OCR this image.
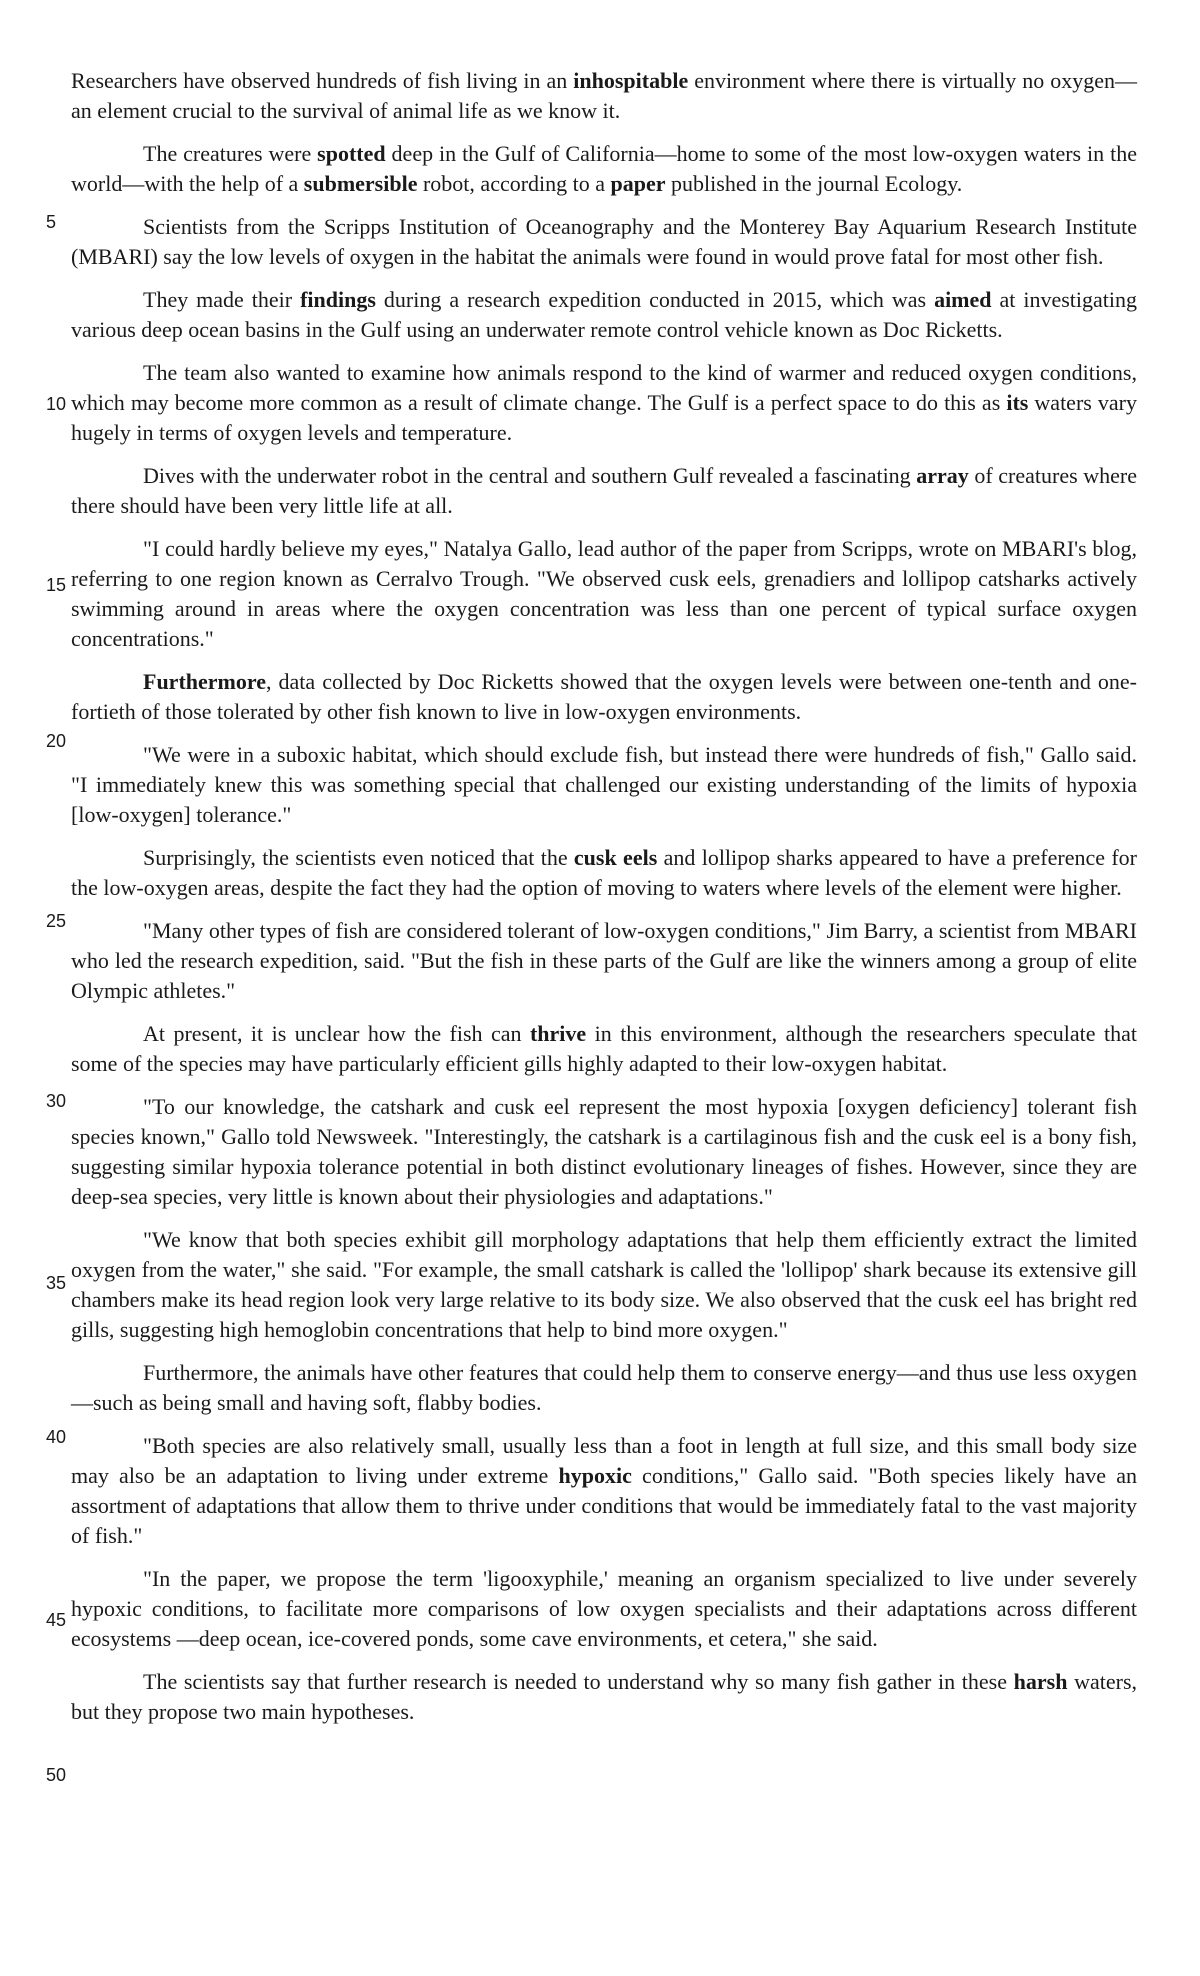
Researchers have observed hundreds of fish living in an inhospitable environment where there is virtually no oxygen—an element crucial to the survival of animal life as we know it.

The creatures were spotted deep in the Gulf of California—home to some of the most low-oxygen waters in the world—with the help of a submersible robot, according to a paper published in the journal Ecology.

Scientists from the Scripps Institution of Oceanography and the Monterey Bay Aquarium Research Institute (MBARI) say the low levels of oxygen in the habitat the animals were found in would prove fatal for most other fish.

They made their findings during a research expedition conducted in 2015, which was aimed at investigating various deep ocean basins in the Gulf using an underwater remote control vehicle known as Doc Ricketts.

The team also wanted to examine how animals respond to the kind of warmer and reduced oxygen conditions, which may become more common as a result of climate change. The Gulf is a perfect space to do this as its waters vary hugely in terms of oxygen levels and temperature.

Dives with the underwater robot in the central and southern Gulf revealed a fascinating array of creatures where there should have been very little life at all.

"I could hardly believe my eyes," Natalya Gallo, lead author of the paper from Scripps, wrote on MBARI's blog, referring to one region known as Cerralvo Trough. "We observed cusk eels, grenadiers and lollipop catsharks actively swimming around in areas where the oxygen concentration was less than one percent of typical surface oxygen concentrations."

Furthermore, data collected by Doc Ricketts showed that the oxygen levels were between one-tenth and one-fortieth of those tolerated by other fish known to live in low-oxygen environments.

"We were in a suboxic habitat, which should exclude fish, but instead there were hundreds of fish," Gallo said. "I immediately knew this was something special that challenged our existing understanding of the limits of hypoxia [low-oxygen] tolerance."

Surprisingly, the scientists even noticed that the cusk eels and lollipop sharks appeared to have a preference for the low-oxygen areas, despite the fact they had the option of moving to waters where levels of the element were higher.

"Many other types of fish are considered tolerant of low-oxygen conditions," Jim Barry, a scientist from MBARI who led the research expedition, said. "But the fish in these parts of the Gulf are like the winners among a group of elite Olympic athletes."

At present, it is unclear how the fish can thrive in this environment, although the researchers speculate that some of the species may have particularly efficient gills highly adapted to their low-oxygen habitat.

"To our knowledge, the catshark and cusk eel represent the most hypoxia [oxygen deficiency] tolerant fish species known," Gallo told Newsweek. "Interestingly, the catshark is a cartilaginous fish and the cusk eel is a bony fish, suggesting similar hypoxia tolerance potential in both distinct evolutionary lineages of fishes. However, since they are deep-sea species, very little is known about their physiologies and adaptations."

"We know that both species exhibit gill morphology adaptations that help them efficiently extract the limited oxygen from the water," she said. "For example, the small catshark is called the 'lollipop' shark because its extensive gill chambers make its head region look very large relative to its body size. We also observed that the cusk eel has bright red gills, suggesting high hemoglobin concentrations that help to bind more oxygen."

Furthermore, the animals have other features that could help them to conserve energy—and thus use less oxygen—such as being small and having soft, flabby bodies.

"Both species are also relatively small, usually less than a foot in length at full size, and this small body size may also be an adaptation to living under extreme hypoxic conditions," Gallo said. "Both species likely have an assortment of adaptations that allow them to thrive under conditions that would be immediately fatal to the vast majority of fish."

"In the paper, we propose the term 'ligooxyphile,' meaning an organism specialized to live under severely hypoxic conditions, to facilitate more comparisons of low oxygen specialists and their adaptations across different ecosystems —deep ocean, ice-covered ponds, some cave environments, et cetera," she said.

The scientists say that further research is needed to understand why so many fish gather in these harsh waters, but they propose two main hypotheses.

5
10
15
20
25
30
35
40
45
50
